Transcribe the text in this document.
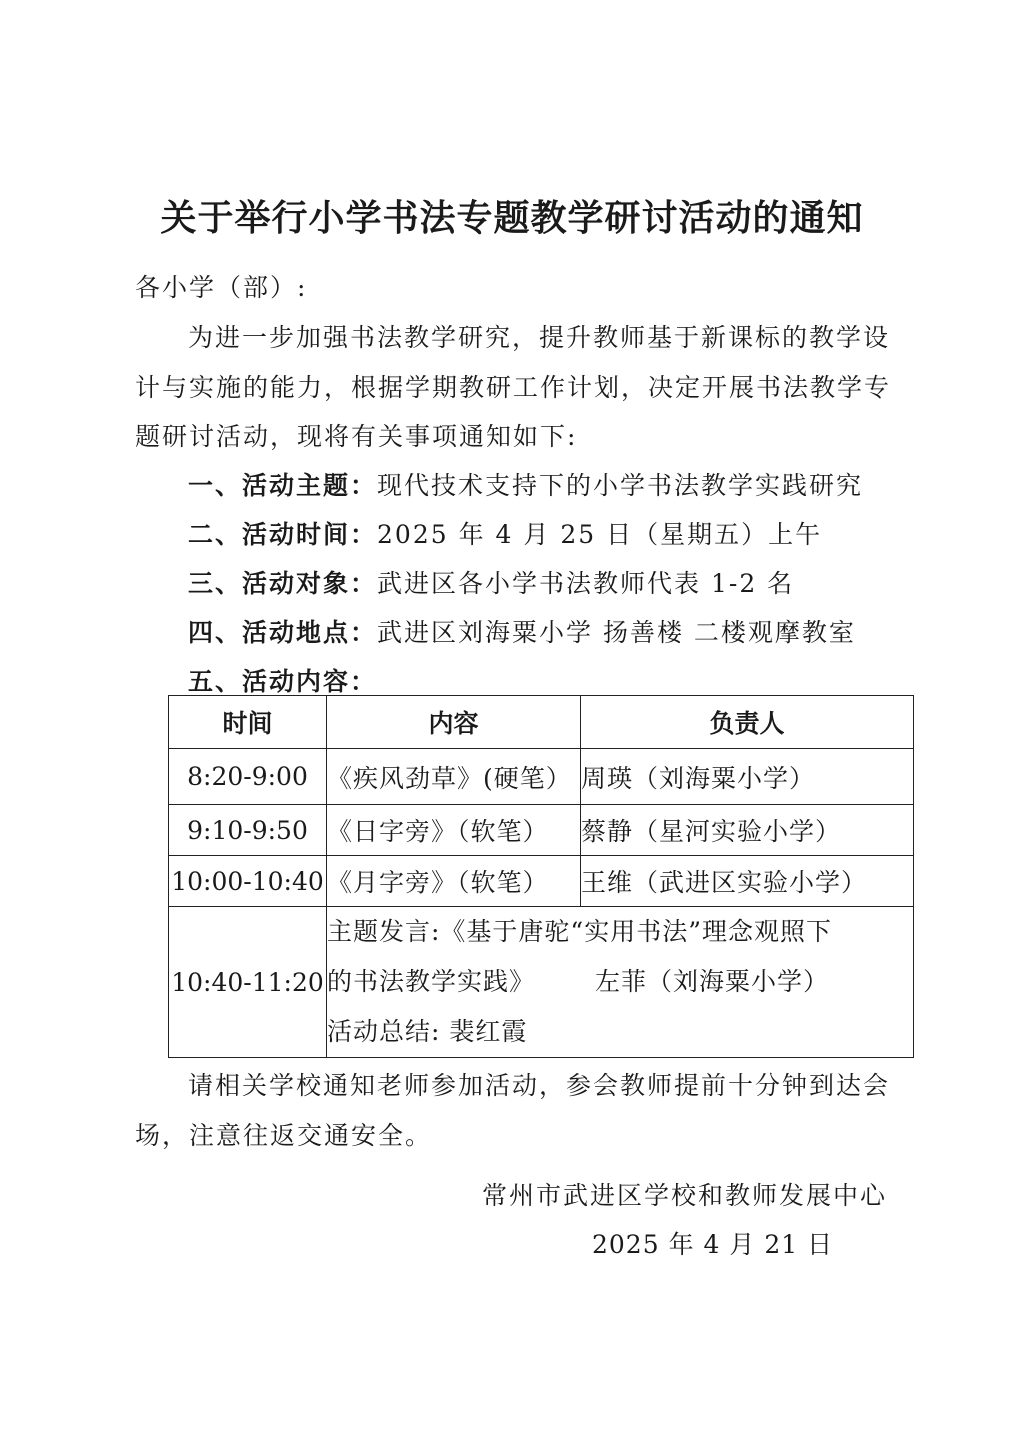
关于举行小学书法专题教学研讨活动的通知
各小学（部）:
为进一步加强书法教学研究，提升教师基于新课标的教学设
计与实施的能力，根据学期教研工作计划，决定开展书法教学专
题研讨活动，现将有关事项通知如下:
一、活动主题：现代技术支持下的小学书法教学实践研究
二、活动时间：2025 年 4 月 25 日（星期五）上午
三、活动对象：武进区各小学书法教师代表 1-2 名
四、活动地点：武进区刘海粟小学 扬善楼 二楼观摩教室
五、活动内容：
时间	内容	负责人
8:20-9:00	《疾风劲草》(硬笔）	周瑛（刘海粟小学）
9:10-9:50	《日字旁》（软笔）	蔡静（星河实验小学）
10:00-10:40	《月字旁》（软笔）	王维（武进区实验小学）
10:40-11:20	主题发言:《基于唐驼“实用书法”理念观照下
的书法教学实践》 左菲（刘海粟小学）
活动总结: 裴红霞	
请相关学校通知老师参加活动，参会教师提前十分钟到达会
场，注意往返交通安全。
常州市武进区学校和教师发展中心
2025 年 4 月 21 日
